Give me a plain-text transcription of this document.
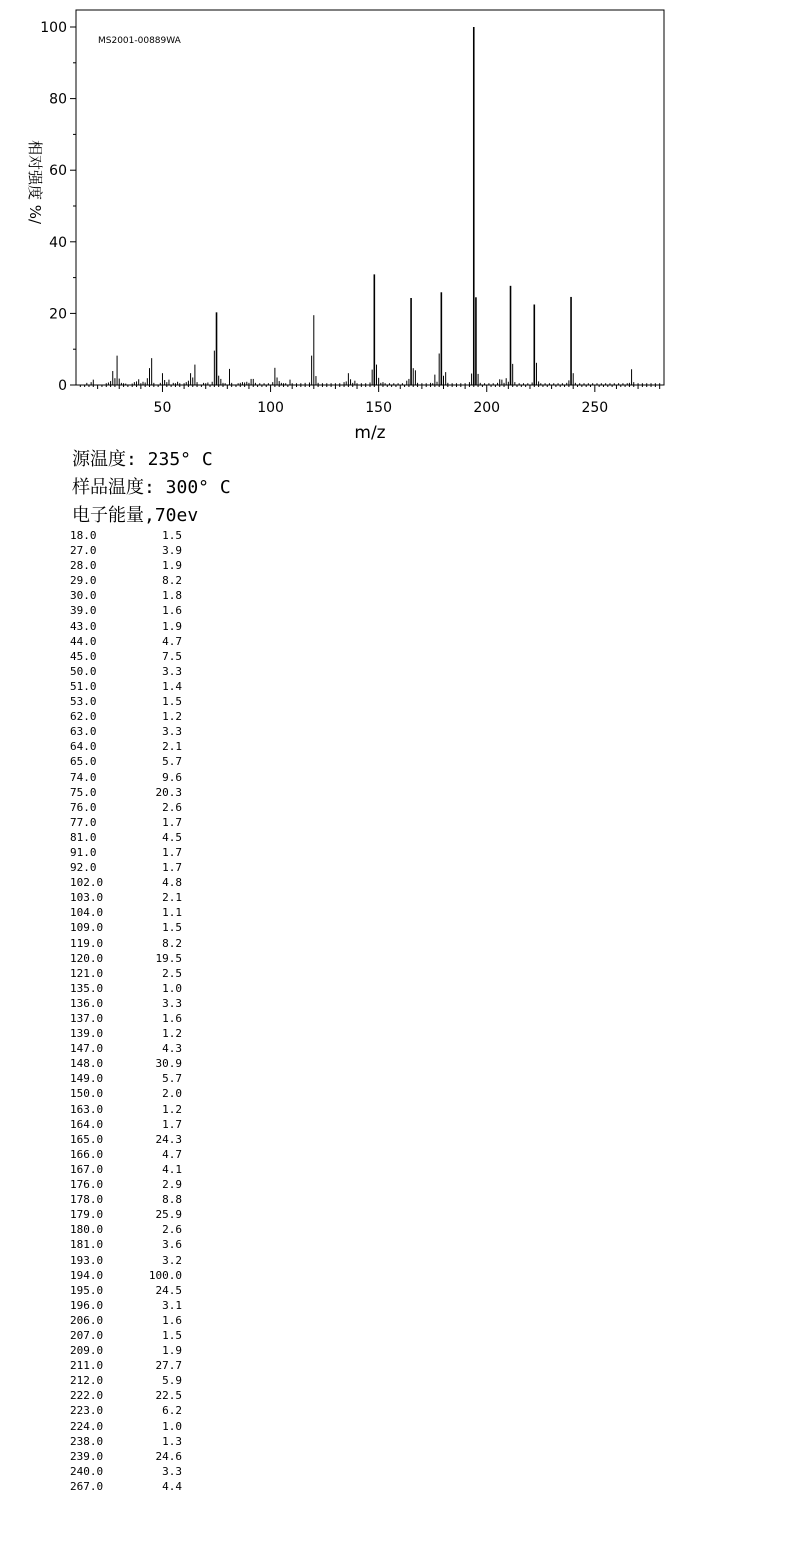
0
20
40
60
80
100
50	100	150	200	250
MS2001-00889WA
m/z
相对强度 %/
源温度: 235° C
样品温度: 300° C
电子能量,70ev
18.0	1.5
27.0	3.9
28.0	1.9
29.0	8.2
30.0	1.8
39.0	1.6
43.0	1.9
44.0	4.7
45.0	7.5
50.0	3.3
51.0	1.4
53.0	1.5
62.0	1.2
63.0	3.3
64.0	2.1
65.0	5.7
74.0	9.6
75.0	20.3
76.0	2.6
77.0	1.7
81.0	4.5
91.0	1.7
92.0	1.7
102.0	4.8
103.0	2.1
104.0	1.1
109.0	1.5
119.0	8.2
120.0	19.5
121.0	2.5
135.0	1.0
136.0	3.3
137.0	1.6
139.0	1.2
147.0	4.3
148.0	30.9
149.0	5.7
150.0	2.0
163.0	1.2
164.0	1.7
165.0	24.3
166.0	4.7
167.0	4.1
176.0	2.9
178.0	8.8
179.0	25.9
180.0	2.6
181.0	3.6
193.0	3.2
194.0	100.0
195.0	24.5
196.0	3.1
206.0	1.6
207.0	1.5
209.0	1.9
211.0	27.7
212.0	5.9
222.0	22.5
223.0	6.2
224.0	1.0
238.0	1.3
239.0	24.6
240.0	3.3
267.0	4.4
